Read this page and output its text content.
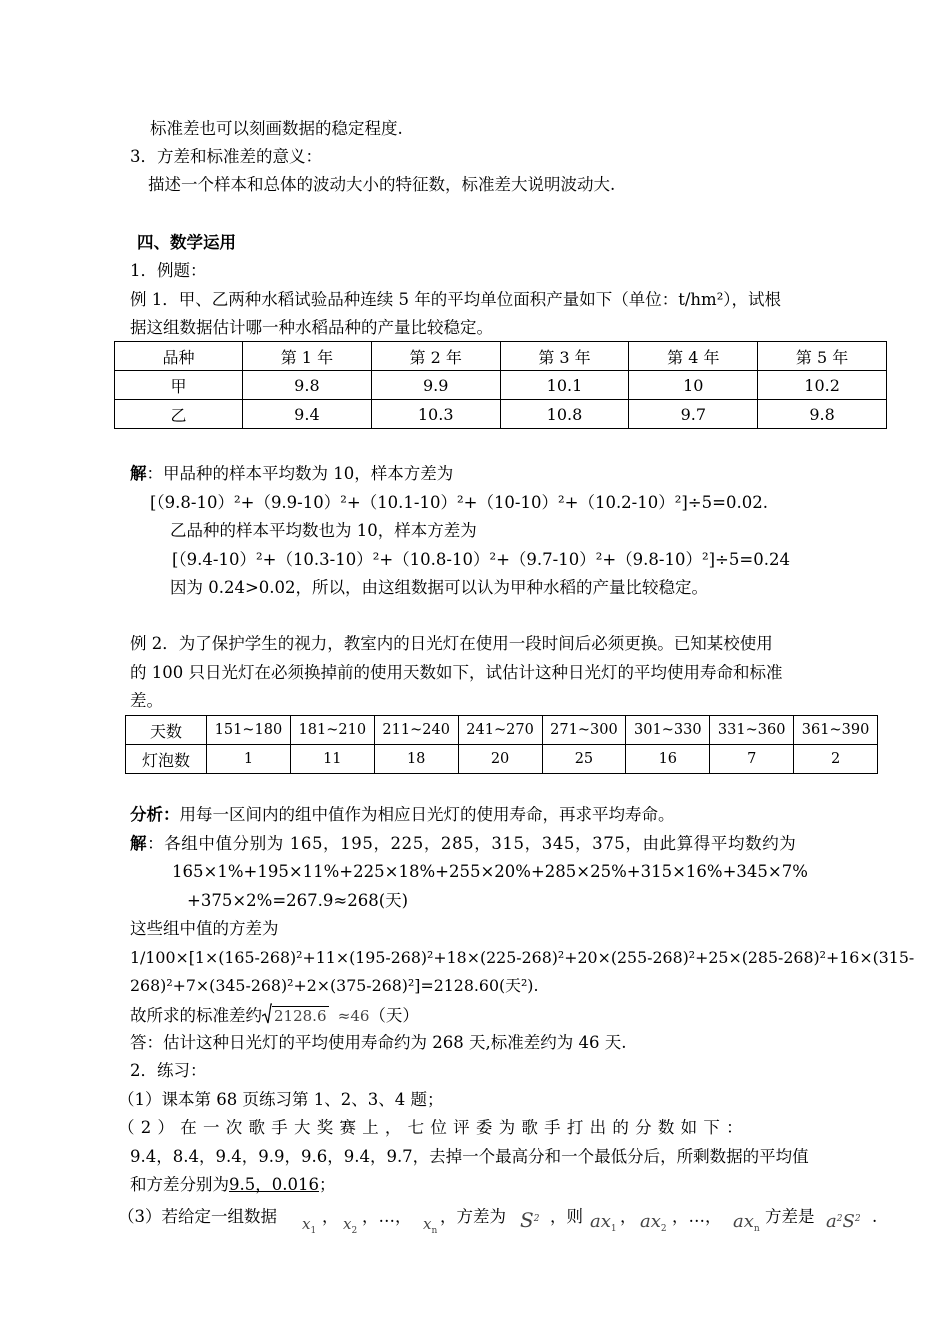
标准差也可以刻画数据的稳定程度.
3．方差和标准差的意义：
描述一个样本和总体的波动大小的特征数，标准差大说明波动大.
四、数学运用
1．例题：
例 1．甲、乙两种水稻试验品种连续 5 年的平均单位面积产量如下（单位：t/hm²），试根
据这组数据估计哪一种水稻品种的产量比较稳定。
品种	第 1 年	第 2 年	第 3 年	第 4 年	第 5 年
甲	9.8	9.9	10.1	10	10.2
乙	9.4	10.3	10.8	9.7	9.8
解：甲品种的样本平均数为 10，样本方差为
[（9.8-10）²+（9.9-10）²+（10.1-10）²+（10-10）²+（10.2-10）²]÷5=0.02.
乙品种的样本平均数也为 10，样本方差为
[（9.4-10）²+（10.3-10）²+（10.8-10）²+（9.7-10）²+（9.8-10）²]÷5=0.24
因为 0.24>0.02，所以，由这组数据可以认为甲种水稻的产量比较稳定。
例 2．为了保护学生的视力，教室内的日光灯在使用一段时间后必须更换。已知某校使用
的 100 只日光灯在必须换掉前的使用天数如下，试估计这种日光灯的平均使用寿命和标准
差。
天数	151~180	181~210	211~240	241~270	271~300	301~330	331~360	361~390
灯泡数	1	11	18	20	25	16	7	2
分析：用每一区间内的组中值作为相应日光灯的使用寿命，再求平均寿命。
解：各组中值分别为 165，195，225，285，315，345，375，由此算得平均数约为
165×1%+195×11%+225×18%+255×20%+285×25%+315×16%+345×7%
+375×2%=267.9≈268(天)
这些组中值的方差为
1/100×[1×(165-268)²+11×(195-268)²+18×(225-268)²+20×(255-268)²+25×(285-268)²+16×(315-
268)²+7×(345-268)²+2×(375-268)²]=2128.60(天²).
故所求的标准差约 2128.6 ≈46（天）
答：估计这种日光灯的平均使用寿命约为 268 天,标准差约为 46 天.
2．练习：
（1）课本第 68 页练习第 1、2、3、4 题；
（ 2 ） 在 一 次 歌 手 大 奖 赛 上 ， 七 位 评 委 为 歌 手 打 出 的 分 数 如 下 ：
9.4，8.4，9.4，9.9，9.6，9.4，9.7，去掉一个最高分和一个最低分后，所剩数据的平均值
和方差分别为9.5，0.016；
（3）若给定一组数据 $x_1$
， $x_2$
，…， $x_n$
，方差为 $S^2$ ，则 $ax_1$
， $ax_2$
，…， $ax_n$
方差是 $a^2S^2$ .
